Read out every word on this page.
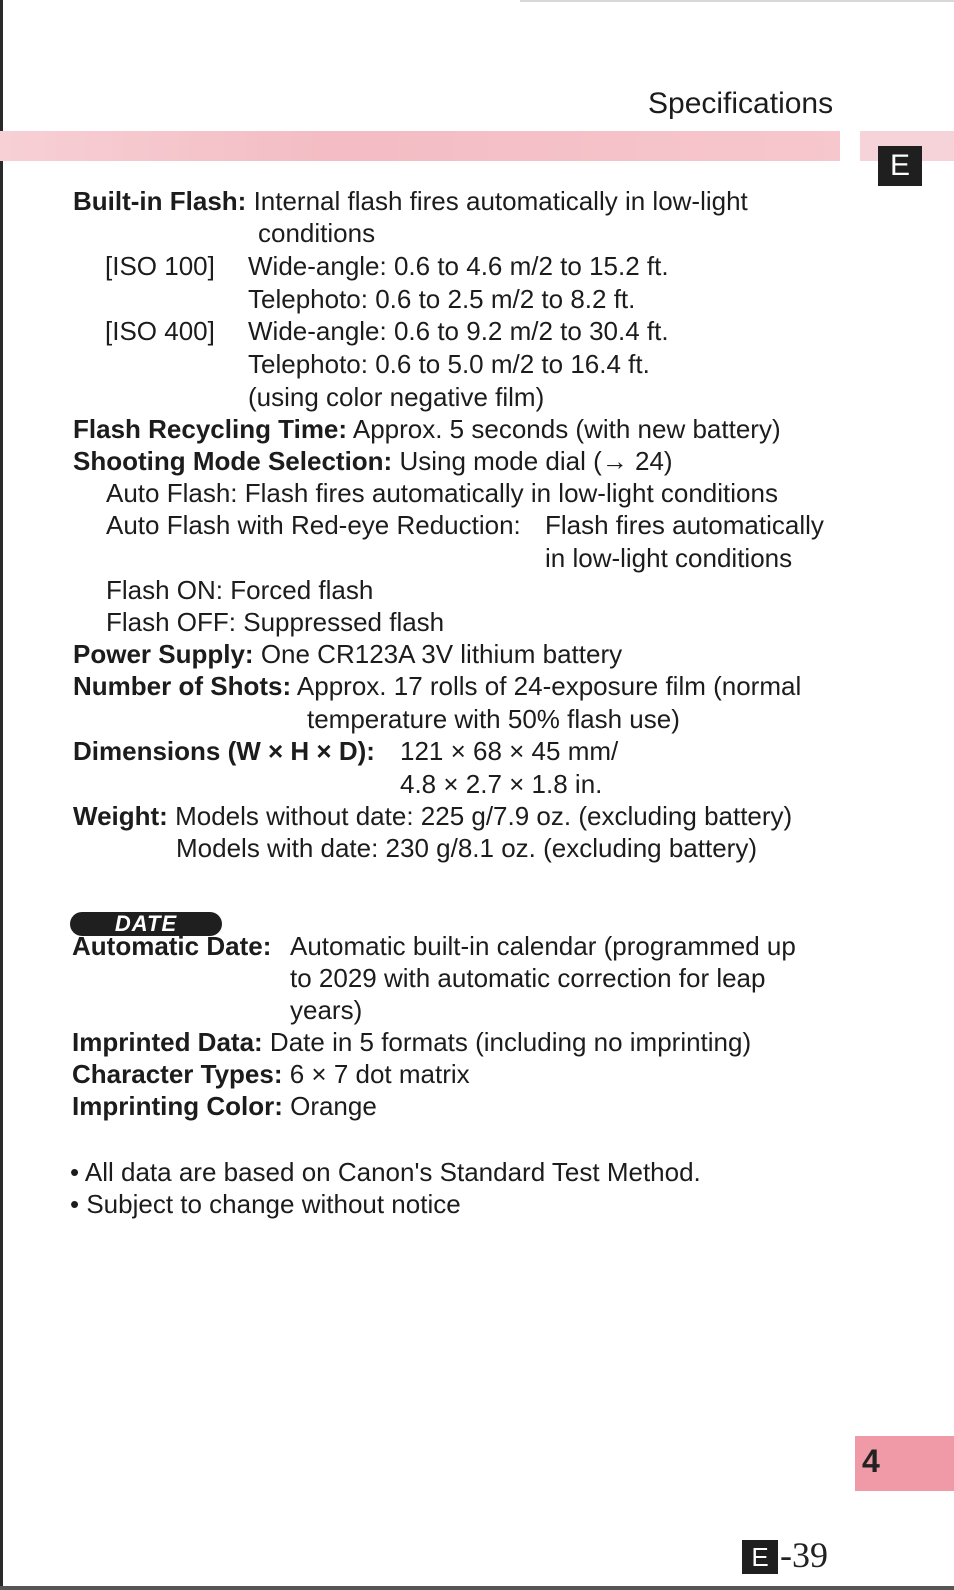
Specifications
E
Built-in Flash: Internal flash fires automatically in low-light
conditions
[ISO 100] Wide-angle: 0.6 to 4.6 m/2 to 15.2 ft.
Telephoto: 0.6 to 2.5 m/2 to 8.2 ft.
[ISO 400] Wide-angle: 0.6 to 9.2 m/2 to 30.4 ft.
Telephoto: 0.6 to 5.0 m/2 to 16.4 ft.
(using color negative film)
Flash Recycling Time: Approx. 5 seconds (with new battery)
Shooting Mode Selection: Using mode dial (→ 24)
Auto Flash: Flash fires automatically in low-light conditions
Auto Flash with Red-eye Reduction: Flash fires automatically
in low-light conditions
Flash ON: Forced flash
Flash OFF: Suppressed flash
Power Supply: One CR123A 3V lithium battery
Number of Shots: Approx. 17 rolls of 24-exposure film (normal
temperature with 50% flash use)
Dimensions (W × H × D): 121 × 68 × 45 mm/
4.8 × 2.7 × 1.8 in.
Weight: Models without date: 225 g/7.9 oz. (excluding battery)
Models with date: 230 g/8.1 oz. (excluding battery)
DATE
Automatic Date: Automatic built-in calendar (programmed up
to 2029 with automatic correction for leap
years)
Imprinted Data: Date in 5 formats (including no imprinting)
Character Types: 6 × 7 dot matrix
Imprinting Color: Orange
• All data are based on Canon's Standard Test Method.
• Subject to change without notice
4
E -39
